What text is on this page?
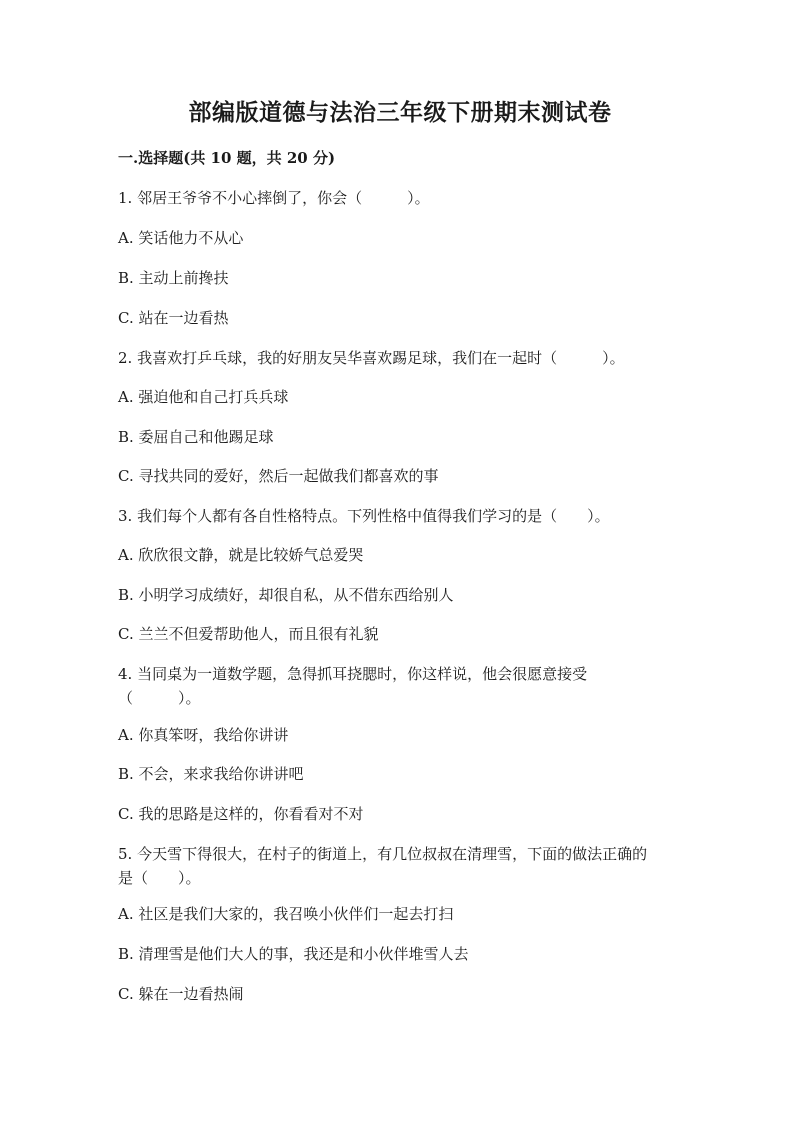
部编版道德与法治三年级下册期末测试卷
一.选择题(共 10 题，共 20 分)
1. 邻居王爷爷不小心摔倒了，你会（　　　）。
A. 笑话他力不从心
B. 主动上前搀扶
C. 站在一边看热
2. 我喜欢打乒乓球，我的好朋友吴华喜欢踢足球，我们在一起时（　　　）。
A. 强迫他和自己打兵兵球
B. 委屈自己和他踢足球
C. 寻找共同的爱好，然后一起做我们都喜欢的事
3. 我们每个人都有各自性格特点。下列性格中值得我们学习的是（　　）。
A. 欣欣很文静，就是比较娇气总爱哭
B. 小明学习成绩好，却很自私，从不借东西给别人
C. 兰兰不但爱帮助他人，而且很有礼貌
4. 当同桌为一道数学题，急得抓耳挠腮时，你这样说，他会很愿意接受（　　　）。
A. 你真笨呀，我给你讲讲
B. 不会，来求我给你讲讲吧
C. 我的思路是这样的，你看看对不对
5. 今天雪下得很大，在村子的街道上，有几位叔叔在清理雪，下面的做法正确的是（　　）。
A. 社区是我们大家的，我召唤小伙伴们一起去打扫
B. 清理雪是他们大人的事，我还是和小伙伴堆雪人去
C. 躲在一边看热闹
